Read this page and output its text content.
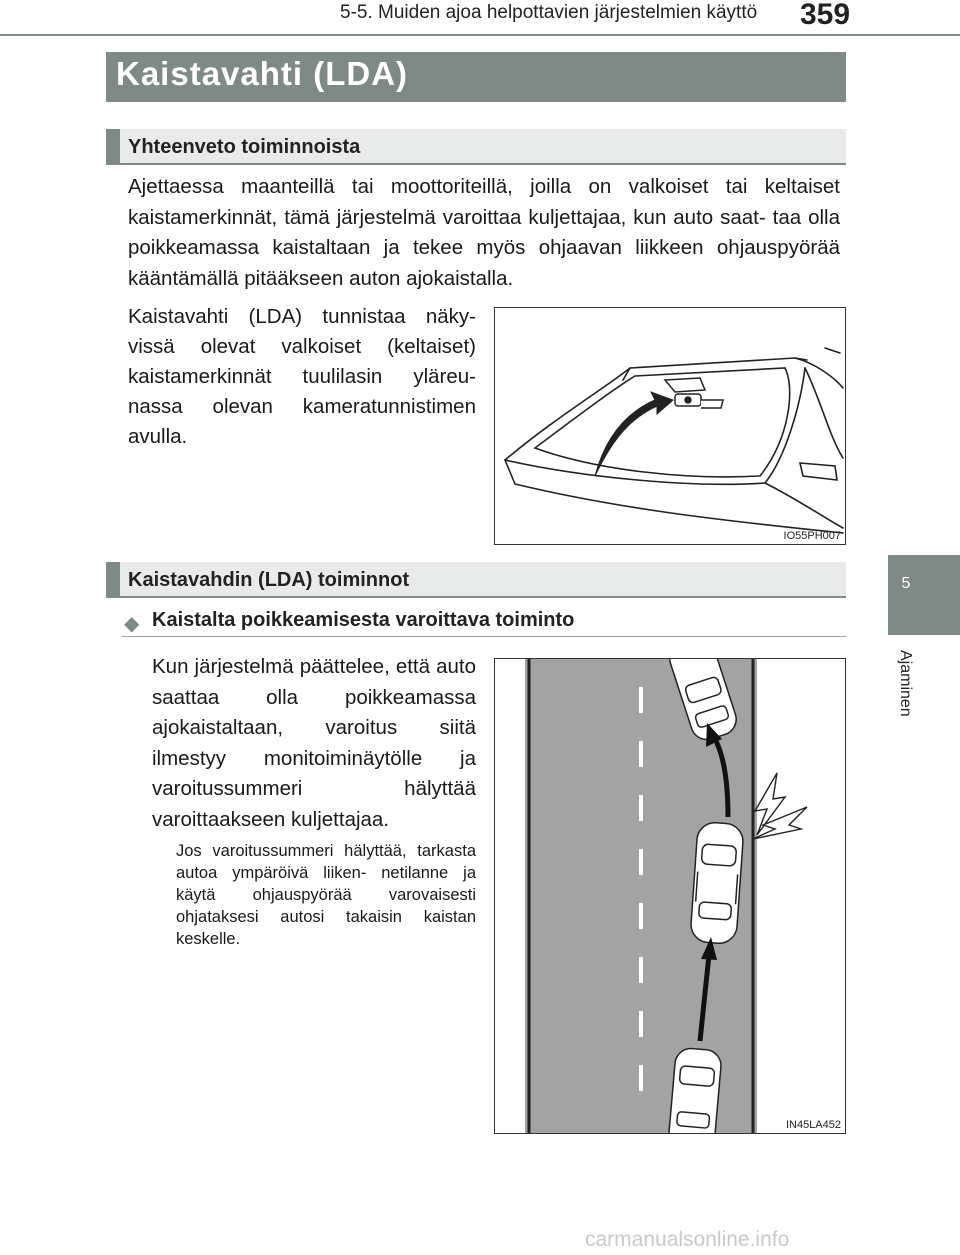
5-5. Muiden ajoa helpottavien järjestelmien käyttö 359
Kaistavahti (LDA)
Yhteenveto toiminnoista
Ajettaessa maanteillä tai moottoriteillä, joilla on valkoiset tai keltaiset kaistamerkinnät, tämä järjestelmä varoittaa kuljettajaa, kun auto saat- taa olla poikkeamassa kaistaltaan ja tekee myös ohjaavan liikkeen ohjauspyörää kääntämällä pitääkseen auton ajokaistalla.
Kaistavahti (LDA) tunnistaa näky- vissä olevat valkoiset (keltaiset) kaistamerkinnät tuulilasin yläreu- nassa olevan kameratunnistimen avulla.
IO55PH007
Kaistavahdin (LDA) toiminnot
◆ Kaistalta poikkeamisesta varoittava toiminto
Kun järjestelmä päättelee, että auto saattaa olla poikkeamassa ajokaistaltaan, varoitus siitä ilmestyy monitoiminäytölle ja varoitussummeri hälyttää varoittaakseen kuljettajaa.
Jos varoitussummeri hälyttää, tarkasta autoa ympäröivä liiken- netilanne ja käytä ohjauspyörää varovaisesti ohjataksesi autosi takaisin kaistan keskelle.
IN45LA452
5
Ajaminen
carmanualsonline.info
